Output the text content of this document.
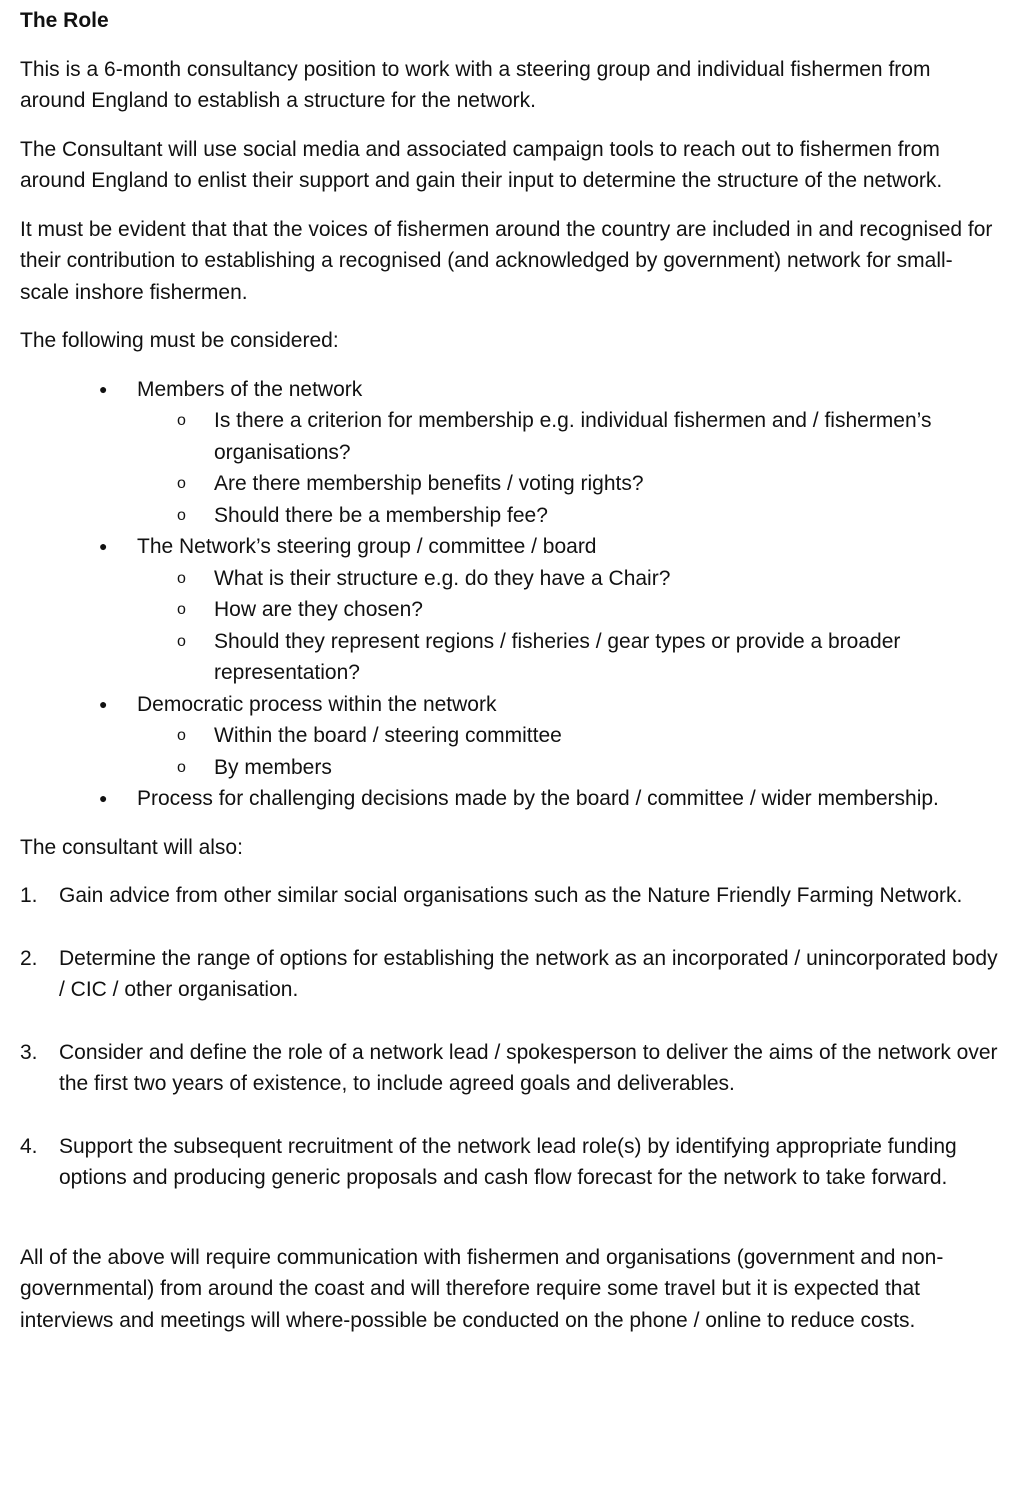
The Role

This is a 6-month consultancy position to work with a steering group and individual fishermen from around England to establish a structure for the network.

The Consultant will use social media and associated campaign tools to reach out to fishermen from around England to enlist their support and gain their input to determine the structure of the network.

It must be evident that that the voices of fishermen around the country are included in and recognised for their contribution to establishing a recognised (and acknowledged by government) network for small-scale inshore fishermen.

The following must be considered:

●	Members of the network
o Is there a criterion for membership e.g. individual fishermen and / fishermen’s organisations?
o Are there membership benefits / voting rights?
o Should there be a membership fee?
●	The Network’s steering group / committee / board
o What is their structure e.g. do they have a Chair?
o How are they chosen?
o Should they represent regions / fisheries / gear types or provide a broader representation?
●	Democratic process within the network
o Within the board / steering committee
o By members
●	Process for challenging decisions made by the board / committee / wider membership.

The consultant will also:

1. Gain advice from other similar social organisations such as the Nature Friendly Farming Network.
2. Determine the range of options for establishing the network as an incorporated / unincorporated body / CIC / other organisation.
3. Consider and define the role of a network lead / spokesperson to deliver the aims of the network over the first two years of existence, to include agreed goals and deliverables.
4. Support the subsequent recruitment of the network lead role(s) by identifying appropriate funding options and producing generic proposals and cash flow forecast for the network to take forward.

All of the above will require communication with fishermen and organisations (government and non-governmental) from around the coast and will therefore require some travel but it is expected that interviews and meetings will where-possible be conducted on the phone / online to reduce costs.
